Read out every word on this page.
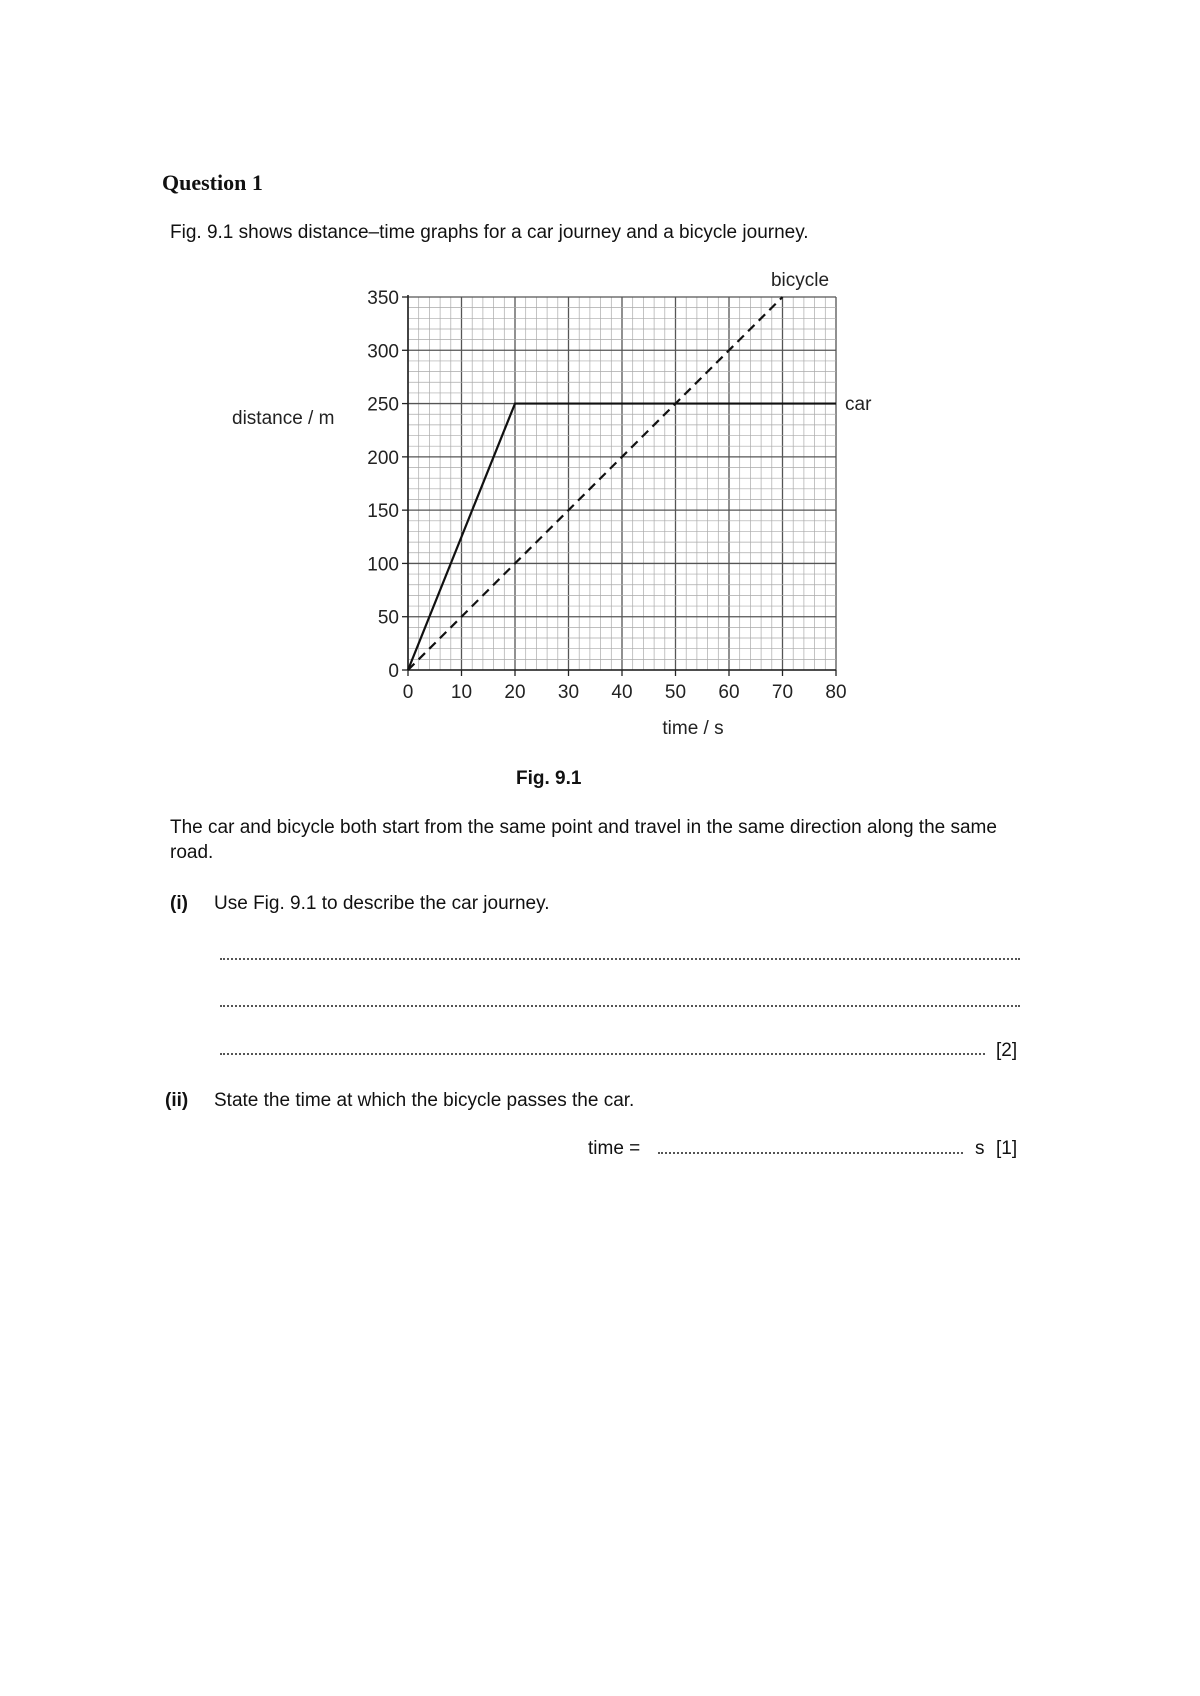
Question 1

Fig. 9.1 shows distance–time graphs for a car journey and a bicycle journey.

0 10 20 30 40 50 60 70 80
0
50
100
150
200
250
300
350
distance / m
time / s
bicycle
car

Fig. 9.1

The car and bicycle both start from the same point and travel in the same direction along the same road.

(i) Use Fig. 9.1 to describe the car journey.

[2]

(ii) State the time at which the bicycle passes the car.

time =	s [1]
